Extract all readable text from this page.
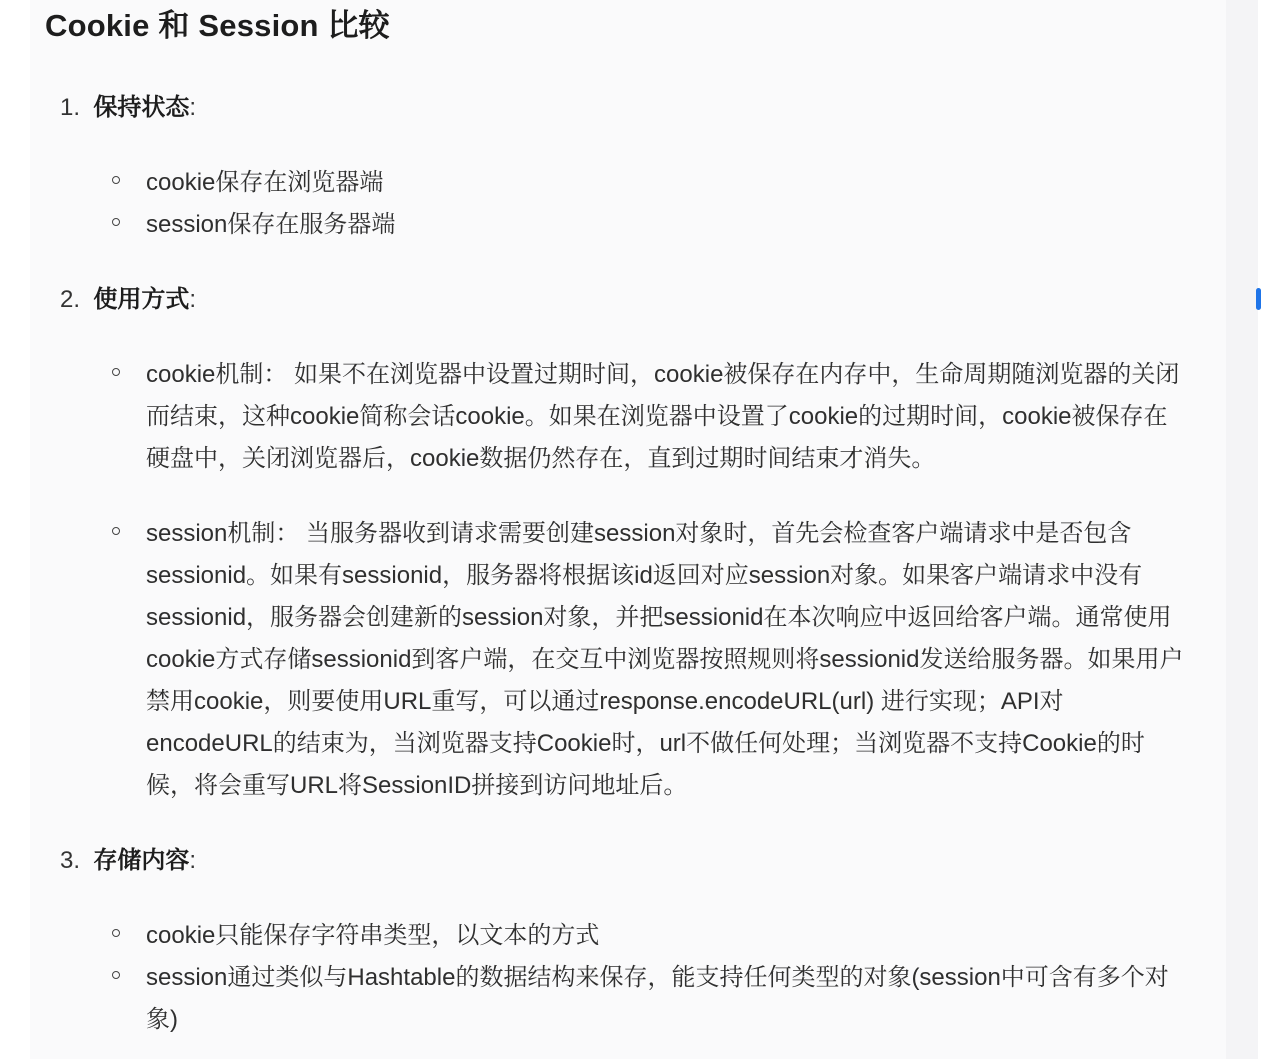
Cookie 和 Session 比较
1. 保持状态:
cookie保存在浏览器端
session保存在服务器端
2. 使用方式:
cookie机制： 如果不在浏览器中设置过期时间，cookie被保存在内存中，生命周期随浏览器的关闭而结束，这种cookie简称会话cookie。如果在浏览器中设置了cookie的过期时间，cookie被保存在硬盘中，关闭浏览器后，cookie数据仍然存在，直到过期时间结束才消失。
session机制： 当服务器收到请求需要创建session对象时，首先会检查客户端请求中是否包含sessionid。如果有sessionid，服务器将根据该id返回对应session对象。如果客户端请求中没有sessionid，服务器会创建新的session对象，并把sessionid在本次响应中返回给客户端。通常使用cookie方式存储sessionid到客户端，在交互中浏览器按照规则将sessionid发送给服务器。如果用户禁用cookie，则要使用URL重写，可以通过response.encodeURL(url) 进行实现；API对encodeURL的结束为，当浏览器支持Cookie时，url不做任何处理；当浏览器不支持Cookie的时候，将会重写URL将SessionID拼接到访问地址后。
3. 存储内容:
cookie只能保存字符串类型，以文本的方式
session通过类似与Hashtable的数据结构来保存，能支持任何类型的对象(session中可含有多个对象)
